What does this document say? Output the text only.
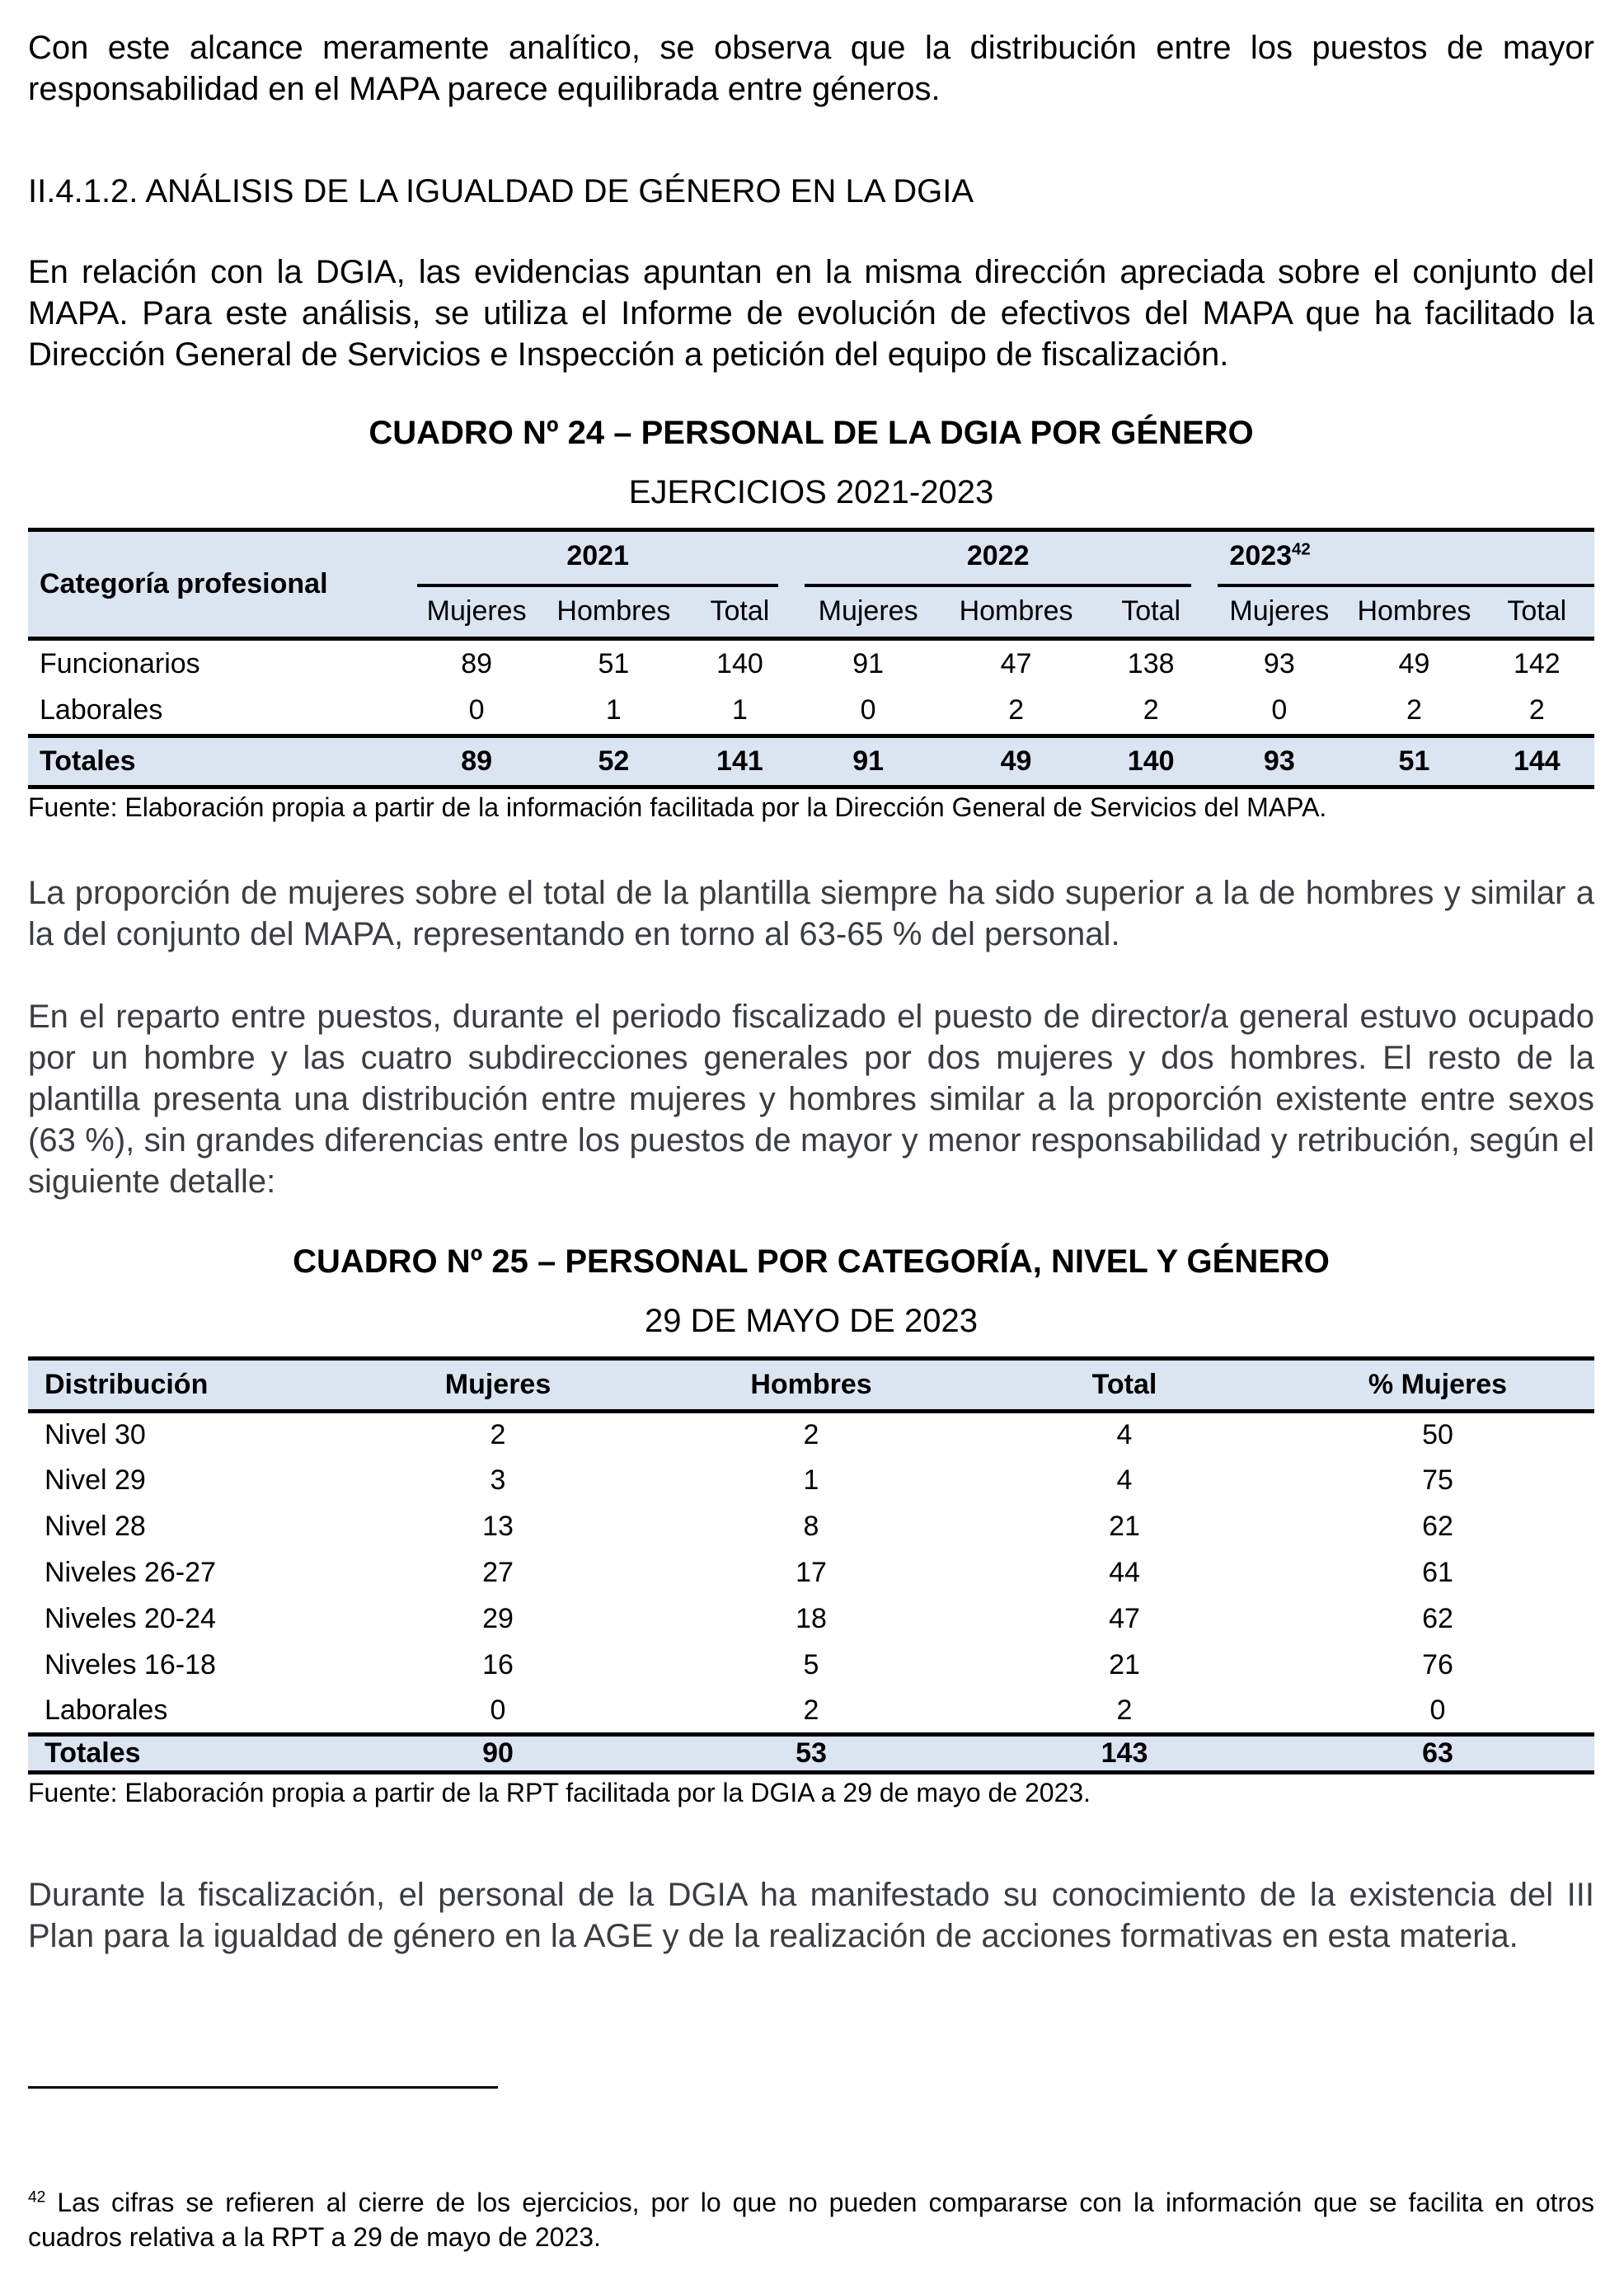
Con este alcance meramente analítico, se observa que la distribución entre los puestos de mayor responsabilidad en el MAPA parece equilibrada entre géneros.

II.4.1.2. ANÁLISIS DE LA IGUALDAD DE GÉNERO EN LA DGIA

En relación con la DGIA, las evidencias apuntan en la misma dirección apreciada sobre el conjunto del MAPA. Para este análisis, se utiliza el Informe de evolución de efectivos del MAPA que ha facilitado la Dirección General de Servicios e Inspección a petición del equipo de fiscalización.

CUADRO Nº 24 – PERSONAL DE LA DGIA POR GÉNERO

EJERCICIOS 2021-2023

Categoría profesional	2021			2022			2023$^{42}$

	Mujeres	Hombres	Total	Mujeres	Hombres	Total	Mujeres	Hombres	Total
Funcionarios	89	51	140	91	47	138	93	49	142
Laborales	0	1	1	0	2	2	0	2	2
Totales	89	52	141	91	49	140	93	51	144

Fuente: Elaboración propia a partir de la información facilitada por la Dirección General de Servicios del MAPA.

La proporción de mujeres sobre el total de la plantilla siempre ha sido superior a la de hombres y similar a la del conjunto del MAPA, representando en torno al 63-65 % del personal.

En el reparto entre puestos, durante el periodo fiscalizado el puesto de director/a general estuvo ocupado por un hombre y las cuatro subdirecciones generales por dos mujeres y dos hombres. El resto de la plantilla presenta una distribución entre mujeres y hombres similar a la proporción existente entre sexos (63 %), sin grandes diferencias entre los puestos de mayor y menor responsabilidad y retribución, según el siguiente detalle:

CUADRO Nº 25 – PERSONAL POR CATEGORÍA, NIVEL Y GÉNERO

29 DE MAYO DE 2023

Distribución	Mujeres	Hombres	Total	% Mujeres
Nivel 30	2	2	4	50
Nivel 29	3	1	4	75
Nivel 28	13	8	21	62
Niveles 26-27	27	17	44	61
Niveles 20-24	29	18	47	62
Niveles 16-18	16	5	21	76
Laborales	0	2	2	0
Totales	90	53	143	63

Fuente: Elaboración propia a partir de la RPT facilitada por la DGIA a 29 de mayo de 2023.

Durante la fiscalización, el personal de la DGIA ha manifestado su conocimiento de la existencia del III Plan para la igualdad de género en la AGE y de la realización de acciones formativas en esta materia.

$^{42}$ Las cifras se refieren al cierre de los ejercicios, por lo que no pueden compararse con la información que se facilita en otros cuadros relativa a la RPT a 29 de mayo de 2023.
